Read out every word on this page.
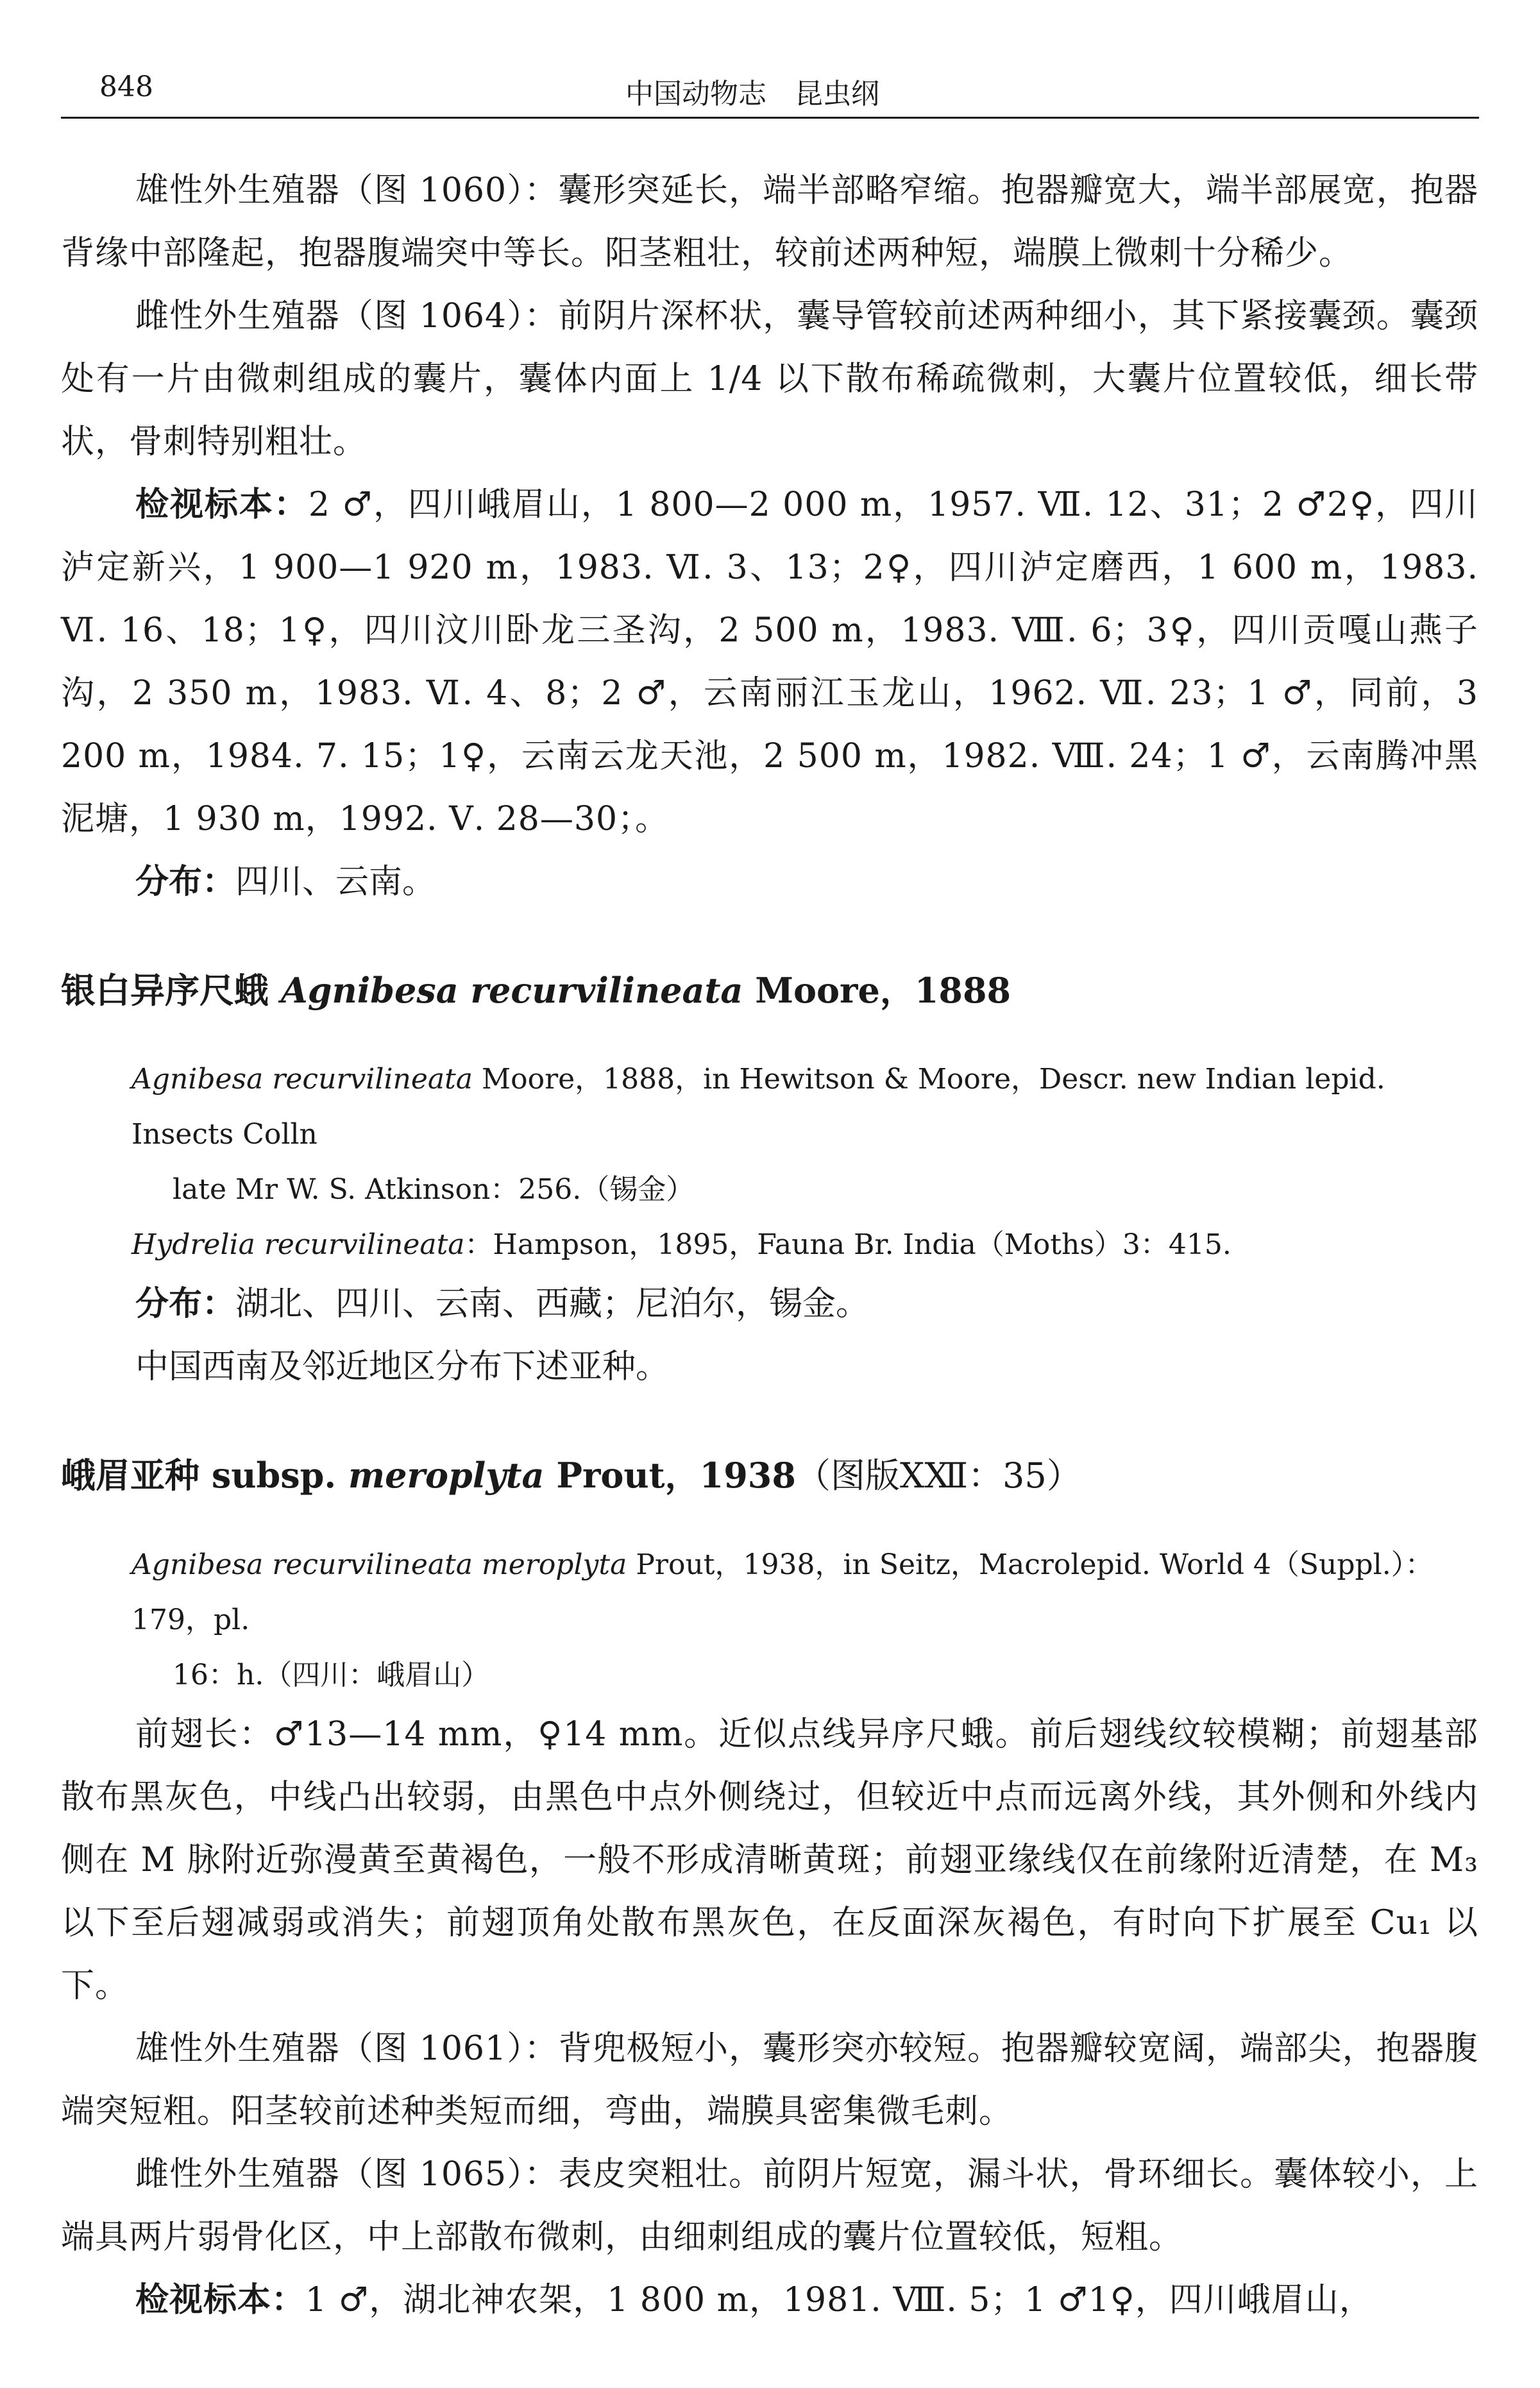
848	中国动物志　昆虫纲

雄性外生殖器（图 1060）：囊形突延长，端半部略窄缩。抱器瓣宽大，端半部展宽，抱器背缘中部隆起，抱器腹端突中等长。阳茎粗壮，较前述两种短，端膜上微刺十分稀少。

雌性外生殖器（图 1064）：前阴片深杯状，囊导管较前述两种细小，其下紧接囊颈。囊颈处有一片由微刺组成的囊片，囊体内面上 1/4 以下散布稀疏微刺，大囊片位置较低，细长带状，骨刺特别粗壮。

检视标本：2 ♂，四川峨眉山，1 800—2 000 m，1957. Ⅶ. 12、31；2 ♂2♀，四川泸定新兴，1 900—1 920 m，1983. Ⅵ. 3、13；2♀，四川泸定磨西，1 600 m，1983. Ⅵ. 16、18；1♀，四川汶川卧龙三圣沟，2 500 m，1983. Ⅷ. 6；3♀，四川贡嘎山燕子沟，2 350 m，1983. Ⅵ. 4、8；2 ♂，云南丽江玉龙山，1962. Ⅶ. 23；1 ♂，同前，3 200 m，1984. 7. 15；1♀，云南云龙天池，2 500 m，1982. Ⅷ. 24；1 ♂，云南腾冲黑泥塘，1 930 m，1992. Ⅴ. 28—30；。

分布：四川、云南。

银白异序尺蛾 Agnibesa recurvilineata Moore，1888

Agnibesa recurvilineata Moore，1888，in Hewitson & Moore，Descr. new Indian lepid. Insects Colln
late Mr W. S. Atkinson：256.（锡金）

Hydrelia recurvilineata：Hampson，1895，Fauna Br. India（Moths）3：415.

分布：湖北、四川、云南、西藏；尼泊尔，锡金。

中国西南及邻近地区分布下述亚种。

峨眉亚种 subsp. meroplyta Prout，1938（图版ⅩⅫ：35）

Agnibesa recurvilineata meroplyta Prout，1938，in Seitz，Macrolepid. World 4（Suppl.）：179，pl.
16：h.（四川：峨眉山）

前翅长：♂13—14 mm，♀14 mm。近似点线异序尺蛾。前后翅线纹较模糊；前翅基部散布黑灰色，中线凸出较弱，由黑色中点外侧绕过，但较近中点而远离外线，其外侧和外线内侧在 M 脉附近弥漫黄至黄褐色，一般不形成清晰黄斑；前翅亚缘线仅在前缘附近清楚，在 M₃ 以下至后翅减弱或消失；前翅顶角处散布黑灰色，在反面深灰褐色，有时向下扩展至 Cu₁ 以下。

雄性外生殖器（图 1061）：背兜极短小，囊形突亦较短。抱器瓣较宽阔，端部尖，抱器腹端突短粗。阳茎较前述种类短而细，弯曲，端膜具密集微毛刺。

雌性外生殖器（图 1065）：表皮突粗壮。前阴片短宽，漏斗状，骨环细长。囊体较小，上端具两片弱骨化区，中上部散布微刺，由细刺组成的囊片位置较低，短粗。

检视标本：1 ♂，湖北神农架，1 800 m，1981. Ⅷ. 5；1 ♂1♀，四川峨眉山，
